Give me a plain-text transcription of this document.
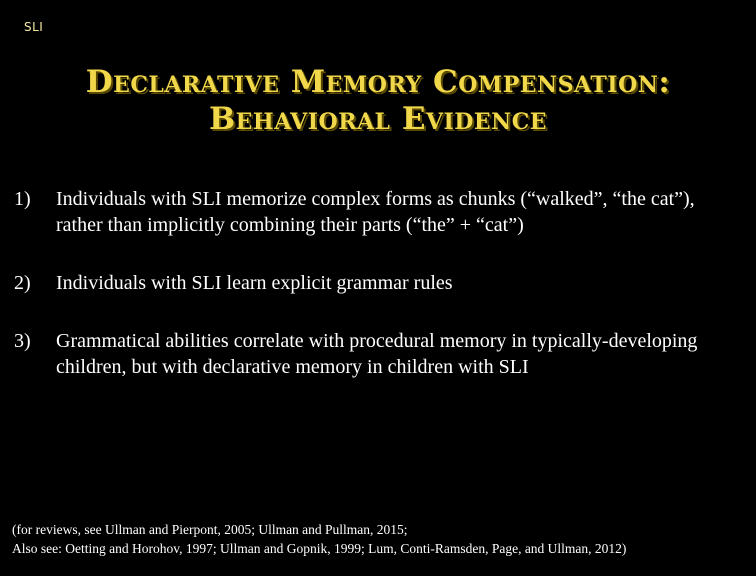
sli
Declarative Memory Compensation:
Behavioral Evidence
1)	Individuals with SLI memorize complex forms as chunks (“walked”, “the cat”), rather than implicitly combining their parts (“the” + “cat”)
2)	Individuals with SLI learn explicit grammar rules
3)	Grammatical abilities correlate with procedural memory in typically-developing children, but with declarative memory in children with SLI
(for reviews, see Ullman and Pierpont, 2005; Ullman and Pullman, 2015;
Also see: Oetting and Horohov, 1997; Ullman and Gopnik, 1999; Lum, Conti-Ramsden, Page, and Ullman, 2012)
